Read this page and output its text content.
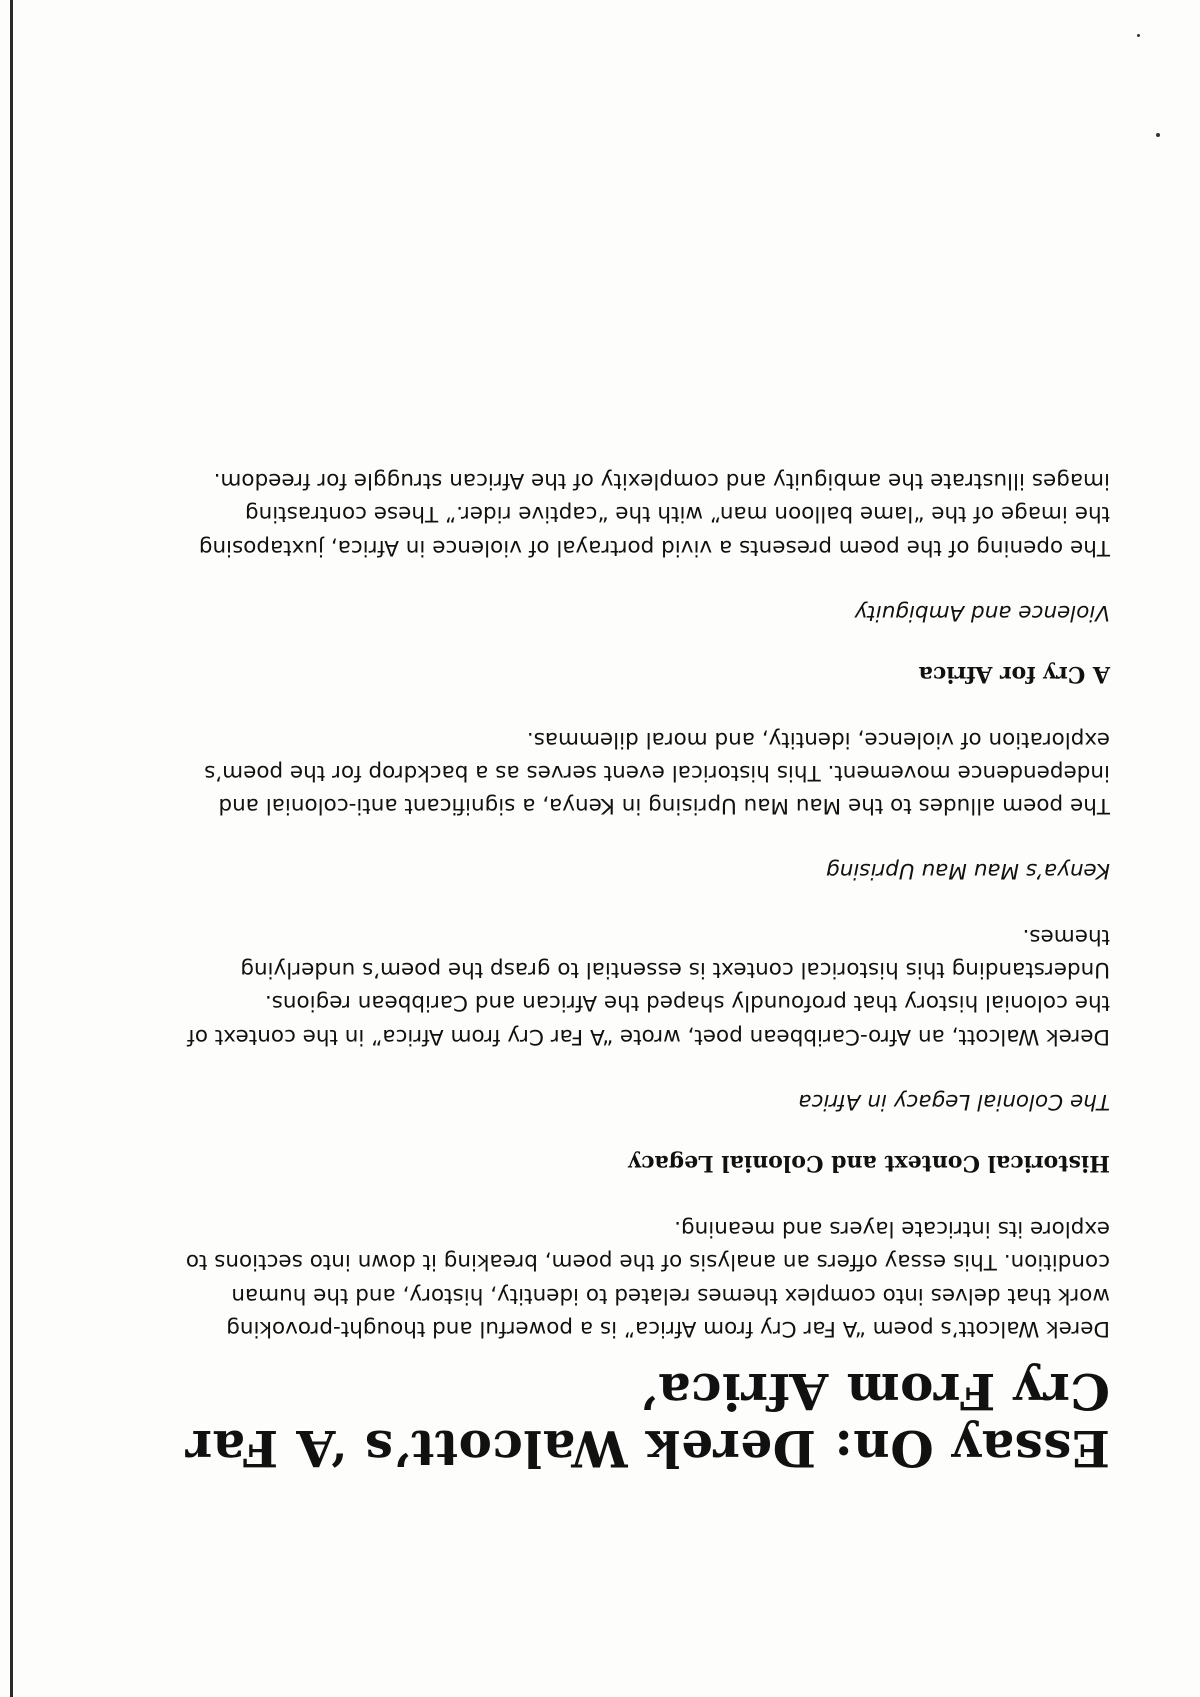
Essay On: Derek Walcott’s ‘A Far Cry From Africa’

Derek Walcott’s poem “A Far Cry from Africa” is a powerful and thought-provoking work that delves into complex themes related to identity, history, and the human condition. This essay offers an analysis of the poem, breaking it down into sections to explore its intricate layers and meaning.

Historical Context and Colonial Legacy

The Colonial Legacy in Africa

Derek Walcott, an Afro-Caribbean poet, wrote “A Far Cry from Africa” in the context of the colonial history that profoundly shaped the African and Caribbean regions. Understanding this historical context is essential to grasp the poem’s underlying themes.

Kenya’s Mau Mau Uprising

The poem alludes to the Mau Mau Uprising in Kenya, a significant anti-colonial and independence movement. This historical event serves as a backdrop for the poem’s exploration of violence, identity, and moral dilemmas.

A Cry for Africa

Violence and Ambiguity

The opening of the poem presents a vivid portrayal of violence in Africa, juxtaposing the image of the “lame balloon man” with the “captive rider.” These contrasting images illustrate the ambiguity and complexity of the African struggle for freedom.
